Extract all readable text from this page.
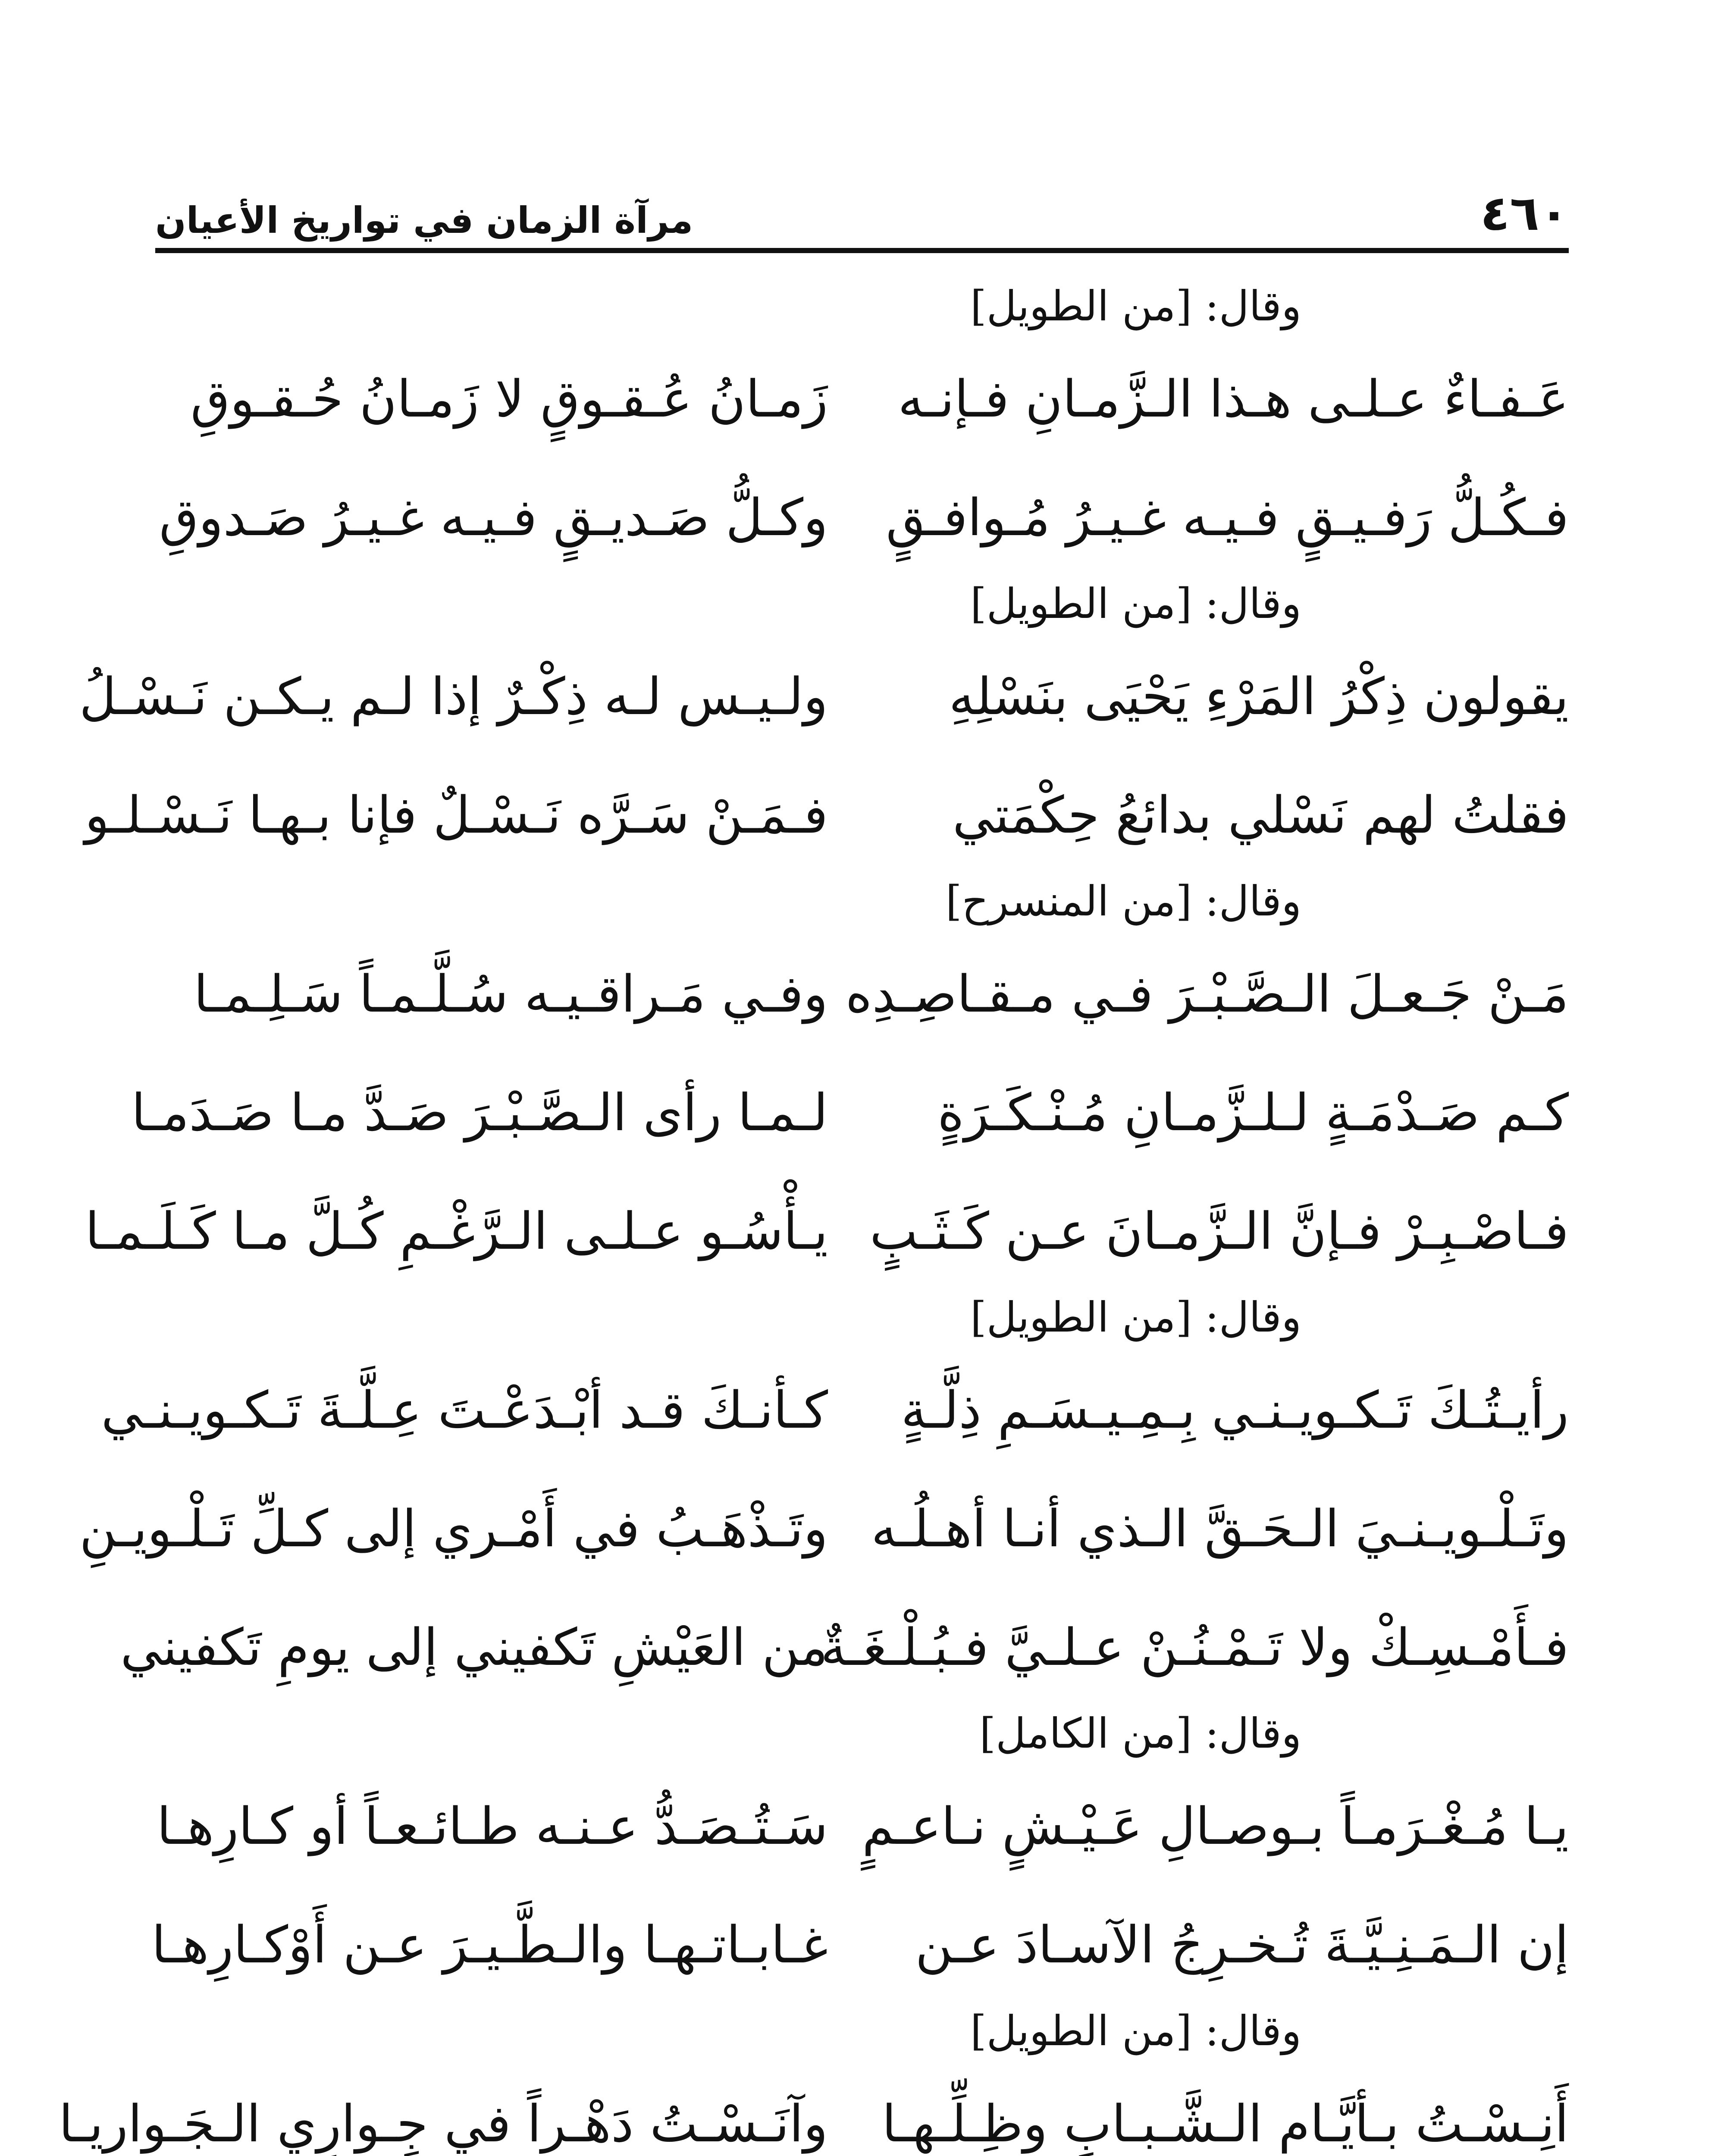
٤٦٠
مرآة الزمان في تواريخ الأعيان
وقال: [من الطويل]
عَـفـاءٌ عـلـى هـذا الـزَّمـانِ فـإنـه
زَمـانُ عُـقـوقٍ لا زَمـانُ حُـقـوقِ
فـكُـلُّ رَفـيـقٍ فـيـه غـيـرُ مُـوافـقٍ
وكـلُّ صَـديـقٍ فـيـه غـيـرُ صَـدوقِ
وقال: [من الطويل]
يقولون ذِكْرُ المَرْءِ يَحْيَى بنَسْلِهِ
ولـيـس لـه ذِكْـرٌ إذا لـم يـكـن نَـسْـلُ
فقلتُ لهم نَسْلي بدائعُ حِكْمَتي
فـمَـنْ سَـرَّه نَـسْـلٌ فإنا بـهـا نَـسْـلـو
وقال: [من المنسرح]
مَـنْ جَـعـلَ الـصَّـبْـرَ فـي مـقـاصِـدِه
وفـي مَـراقـيـه سُـلَّـمـاً سَـلِـمـا
كـم صَـدْمَـةٍ لـلـزَّمـانِ مُـنْـكَـرَةٍ
لـمـا رأى الـصَّـبْـرَ صَـدَّ مـا صَـدَمـا
فـاصْـبِـرْ فـإنَّ الـزَّمـانَ عـن كَـثَـبٍ
يـأْسُـو عـلـى الـرَّغْـمِ كُـلَّ مـا كَـلَـمـا
وقال: [من الطويل]
رأيـتُـكَ تَـكـويـنـي بِـمِـيـسَـمِ ذِلَّـةٍ
كـأنـكَ قـد أبْـدَعْـتَ عِـلَّـةَ تَـكـويـنـي
وتَـلْـويـنـيَ الـحَـقَّ الـذي أنـا أهـلُـه
وتَـذْهَـبُ في أَمْـري إلى كـلِّ تَـلْـويـنِ
فـأَمْـسِـكْ ولا تَـمْـنُـنْ عـلـيَّ فـبُـلْـغَـةٌ
من العَيْشِ تَكفيني إلى يومِ تَكفيني
وقال: [من الكامل]
يـا مُـغْـرَمـاً بـوصـالِ عَـيْـشٍ نـاعـمٍ
سَـتُـصَـدُّ عـنـه طـائـعـاً أو كـارِهـا
إن الـمَـنِـيَّـةَ تُـخـرِجُ الآسـادَ عـن
غـابـاتـهـا والـطَّـيـرَ عـن أَوْكـارِهـا
وقال: [من الطويل]
أَنِـسْـتُ بـأيَّـامِ الـشَّـبـابِ وظِـلِّـهـا
وآنَـسْـتُ دَهْـراً في جِـوارِي الـجَـواريـا
